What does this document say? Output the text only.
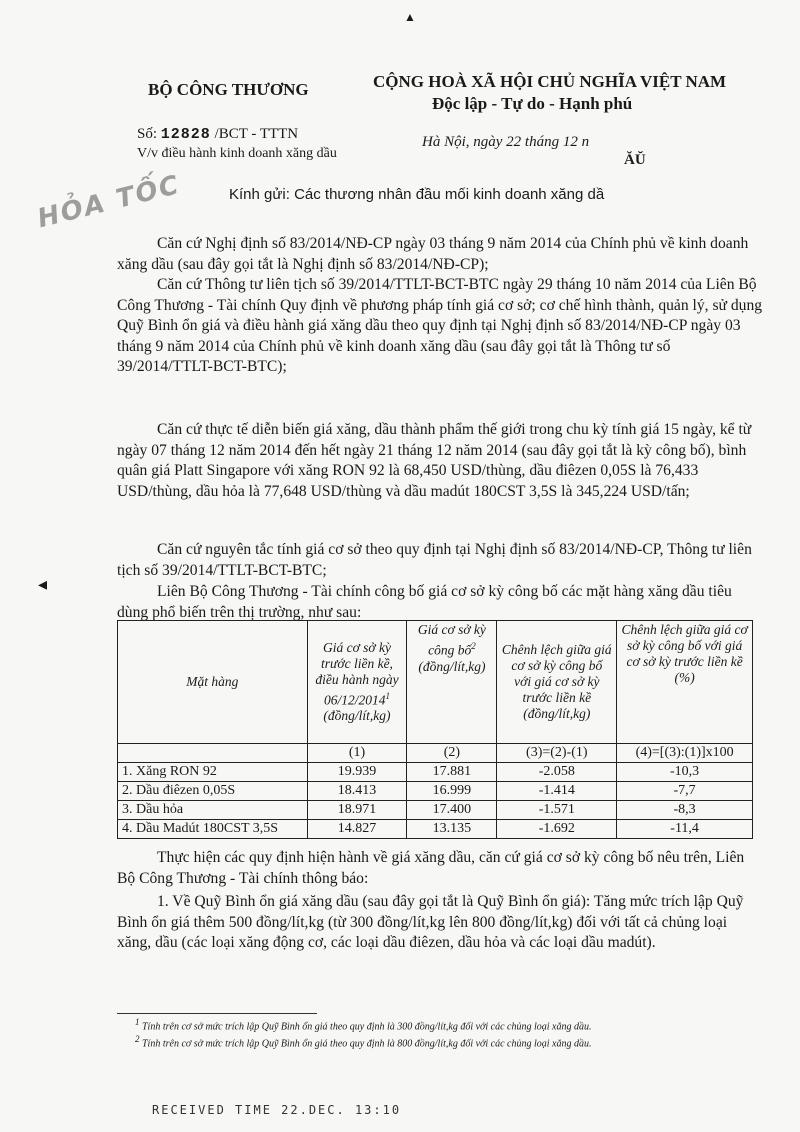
▲
BỘ CÔNG THƯƠNG	CỘNG HOÀ XÃ HỘI CHỦ NGHĨA VIỆT NAM
Độc lập - Tự do - Hạnh phú
Số: 12828 /BCT - TTTN
V/v điều hành kinh doanh xăng dầu
Hà Nội, ngày 22 tháng 12 n
ĂŬ
HỎA TỐC	Kính gửi: Các thương nhân đầu mối kinh doanh xăng dầ
Căn cứ Nghị định số 83/2014/NĐ-CP ngày 03 tháng 9 năm 2014 của Chính phủ về kinh doanh xăng dầu (sau đây gọi tắt là Nghị định số 83/2014/NĐ-CP);
Căn cứ Thông tư liên tịch số 39/2014/TTLT-BCT-BTC ngày 29 tháng 10 năm 2014 của Liên Bộ Công Thương - Tài chính Quy định về phương pháp tính giá cơ sở; cơ chế hình thành, quản lý, sử dụng Quỹ Bình ổn giá và điều hành giá xăng dầu theo quy định tại Nghị định số 83/2014/NĐ-CP ngày 03 tháng 9 năm 2014 của Chính phủ về kinh doanh xăng dầu (sau đây gọi tắt là Thông tư số 39/2014/TTLT-BCT-BTC);
Căn cứ thực tế diễn biến giá xăng, dầu thành phẩm thế giới trong chu kỳ tính giá 15 ngày, kể từ ngày 07 tháng 12 năm 2014 đến hết ngày 21 tháng 12 năm 2014 (sau đây gọi tắt là kỳ công bố), bình quân giá Platt Singapore với xăng RON 92 là 68,450 USD/thùng, dầu điêzen 0,05S là 76,433 USD/thùng, dầu hỏa là 77,648 USD/thùng và dầu madút 180CST 3,5S là 345,224 USD/tấn;
Căn cứ nguyên tắc tính giá cơ sở theo quy định tại Nghị định số 83/2014/NĐ-CP, Thông tư liên tịch số 39/2014/TTLT-BCT-BTC;
Liên Bộ Công Thương - Tài chính công bố giá cơ sở kỳ công bố các mặt hàng xăng dầu tiêu dùng phổ biến trên thị trường, như sau:
◂
Mặt hàng	Giá cơ sở kỳ trước liền kề, điều hành ngày 06/12/2014$^1$ (đồng/lít,kg)	Giá cơ sở kỳ công bố$^2$ (đồng/lít,kg)	Chênh lệch giữa giá cơ sở kỳ công bố với giá cơ sở kỳ trước liền kề (đồng/lít,kg)	Chênh lệch giữa giá cơ sở kỳ công bố với giá cơ sở kỳ trước liền kề (%)
	(1)	(2)	(3)=(2)-(1)	(4)=[(3):(1)]x100
1. Xăng RON 92	19.939	17.881	-2.058	-10,3
2. Dầu điêzen 0,05S	18.413	16.999	-1.414	-7,7
3. Dầu hỏa	18.971	17.400	-1.571	-8,3
4. Dầu Madút 180CST 3,5S	14.827	13.135	-1.692	-11,4
Thực hiện các quy định hiện hành về giá xăng dầu, căn cứ giá cơ sở kỳ công bố nêu trên, Liên Bộ Công Thương - Tài chính thông báo:
1. Về Quỹ Bình ổn giá xăng dầu (sau đây gọi tắt là Quỹ Bình ổn giá): Tăng mức trích lập Quỹ Bình ổn giá thêm 500 đồng/lít,kg (từ 300 đồng/lít,kg lên 800 đồng/lít,kg) đối với tất cả chủng loại xăng, dầu (các loại xăng động cơ, các loại dầu điêzen, dầu hỏa và các loại dầu madút).
$^1$ Tính trên cơ sở mức trích lập Quỹ Bình ổn giá theo quy định là 300 đồng/lít,kg đối với các chủng loại xăng dầu.
$^2$ Tính trên cơ sở mức trích lập Quỹ Bình ổn giá theo quy định là 800 đồng/lít,kg đối với các chủng loại xăng dầu.
RECEIVED TIME 22.DEC. 13:10
